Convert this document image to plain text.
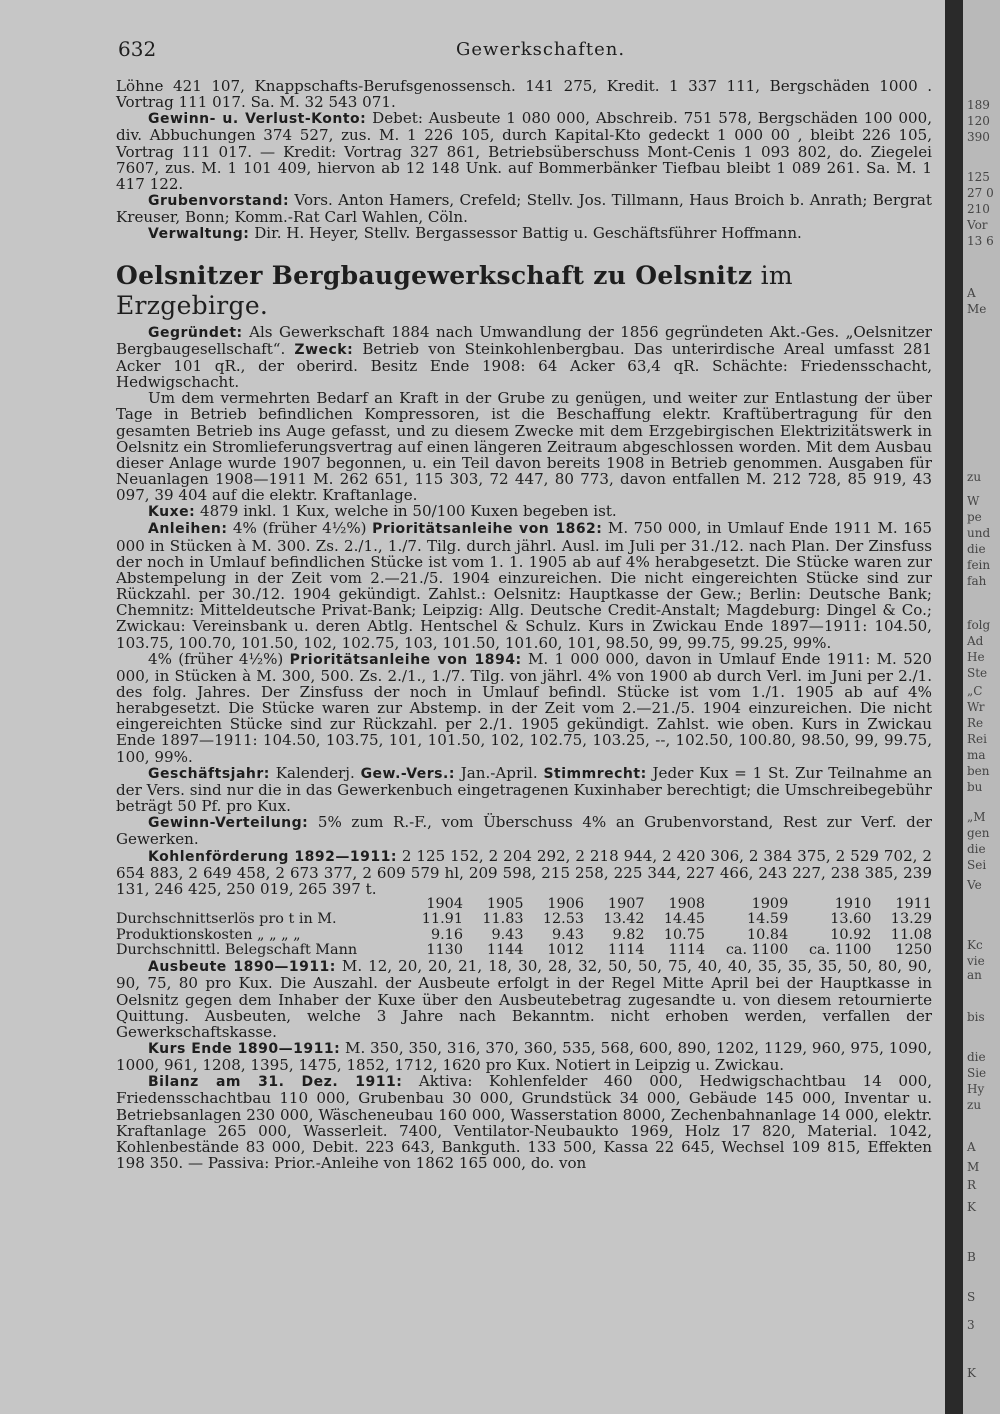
632	Gewerkschaften.

Löhne 421 107, Knappschafts-Berufsgenossensch. 141 275, Kredit. 1 337 111, Bergschäden 1000 . Vortrag 111 017. Sa. M. 32 543 071.

Gewinn- u. Verlust-Konto: Debet: Ausbeute 1 080 000, Abschreib. 751 578, Bergschäden 100 000, div. Abbuchungen 374 527, zus. M. 1 226 105, durch Kapital-Kto gedeckt 1 000 00 , bleibt 226 105, Vortrag 111 017. — Kredit: Vortrag 327 861, Betriebsüberschuss Mont-Cenis 1 093 802, do. Ziegelei 7607, zus. M. 1 101 409, hiervon ab 12 148 Unk. auf Bommerbänker Tiefbau bleibt 1 089 261. Sa. M. 1 417 122.

Grubenvorstand: Vors. Anton Hamers, Crefeld; Stellv. Jos. Tillmann, Haus Broich b. Anrath; Bergrat Kreuser, Bonn; Komm.-Rat Carl Wahlen, Cöln.

Verwaltung: Dir. H. Heyer, Stellv. Bergassessor Battig u. Geschäftsführer Hoffmann.

Oelsnitzer Bergbaugewerkschaft zu Oelsnitz im Erzgebirge.

Gegründet: Als Gewerkschaft 1884 nach Umwandlung der 1856 gegründeten Akt.-Ges. „Oelsnitzer Bergbaugesellschaft“. Zweck: Betrieb von Steinkohlenbergbau. Das unterirdische Areal umfasst 281 Acker 101 qR., der oberird. Besitz Ende 1908: 64 Acker 63,4 qR. Schächte: Friedensschacht, Hedwigschacht.

Um dem vermehrten Bedarf an Kraft in der Grube zu genügen, und weiter zur Entlastung der über Tage in Betrieb befindlichen Kompressoren, ist die Beschaffung elektr. Kraftübertragung für den gesamten Betrieb ins Auge gefasst, und zu diesem Zwecke mit dem Erzgebirgischen Elektrizitätswerk in Oelsnitz ein Stromlieferungsvertrag auf einen längeren Zeitraum abgeschlossen worden. Mit dem Ausbau dieser Anlage wurde 1907 begonnen, u. ein Teil davon bereits 1908 in Betrieb genommen. Ausgaben für Neuanlagen 1908—1911 M. 262 651, 115 303, 72 447, 80 773, davon entfallen M. 212 728, 85 919, 43 097, 39 404 auf die elektr. Kraftanlage.

Kuxe: 4879 inkl. 1 Kux, welche in 50/100 Kuxen begeben ist.

Anleihen: 4% (früher 4½%) Prioritätsanleihe von 1862: M. 750 000, in Umlauf Ende 1911 M. 165 000 in Stücken à M. 300. Zs. 2./1., 1./7. Tilg. durch jährl. Ausl. im Juli per 31./12. nach Plan. Der Zinsfuss der noch in Umlauf befindlichen Stücke ist vom 1. 1. 1905 ab auf 4% herabgesetzt. Die Stücke waren zur Abstempelung in der Zeit vom 2.—21./5. 1904 einzureichen. Die nicht eingereichten Stücke sind zur Rückzahl. per 30./12. 1904 gekündigt. Zahlst.: Oelsnitz: Hauptkasse der Gew.; Berlin: Deutsche Bank; Chemnitz: Mitteldeutsche Privat-Bank; Leipzig: Allg. Deutsche Credit-Anstalt; Magdeburg: Dingel & Co.; Zwickau: Vereinsbank u. deren Abtlg. Hentschel & Schulz. Kurs in Zwickau Ende 1897—1911: 104.50, 103.75, 100.70, 101.50, 102, 102.75, 103, 101.50, 101.60, 101, 98.50, 99, 99.75, 99.25, 99%.

4% (früher 4½%) Prioritätsanleihe von 1894: M. 1 000 000, davon in Umlauf Ende 1911: M. 520 000, in Stücken à M. 300, 500. Zs. 2./1., 1./7. Tilg. von jährl. 4% von 1900 ab durch Verl. im Juni per 2./1. des folg. Jahres. Der Zinsfuss der noch in Umlauf befindl. Stücke ist vom 1./1. 1905 ab auf 4% herabgesetzt. Die Stücke waren zur Abstemp. in der Zeit vom 2.—21./5. 1904 einzureichen. Die nicht eingereichten Stücke sind zur Rückzahl. per 2./1. 1905 gekündigt. Zahlst. wie oben. Kurs in Zwickau Ende 1897—1911: 104.50, 103.75, 101, 101.50, 102, 102.75, 103.25, --, 102.50, 100.80, 98.50, 99, 99.75, 100, 99%.

Geschäftsjahr: Kalenderj. Gew.-Vers.: Jan.-April. Stimmrecht: Jeder Kux = 1 St. Zur Teilnahme an der Vers. sind nur die in das Gewerkenbuch eingetragenen Kuxinhaber berechtigt; die Umschreibegebühr beträgt 50 Pf. pro Kux.

Gewinn-Verteilung: 5% zum R.-F., vom Überschuss 4% an Grubenvorstand, Rest zur Verf. der Gewerken.

Kohlenförderung 1892—1911: 2 125 152, 2 204 292, 2 218 944, 2 420 306, 2 384 375, 2 529 702, 2 654 883, 2 649 458, 2 673 377, 2 609 579 hl, 209 598, 215 258, 225 344, 227 466, 243 227, 238 385, 239 131, 246 425, 250 019, 265 397 t.

	1904	1905	1906	1907	1908	1909	1910	1911
Durchschnittserlös pro t in M.	11.91	11.83	12.53	13.42	14.45	14.59	13.60	13.29
Produktionskosten „ „ „ „	9.16	9.43	9.43	9.82	10.75	10.84	10.92	11.08
Durchschnittl. Belegschaft Mann	1130	1144	1012	1114	1114	ca. 1100	ca. 1100	1250

Ausbeute 1890—1911: M. 12, 20, 20, 21, 18, 30, 28, 32, 50, 50, 75, 40, 40, 35, 35, 35, 50, 80, 90, 90, 75, 80 pro Kux. Die Auszahl. der Ausbeute erfolgt in der Regel Mitte April bei der Hauptkasse in Oelsnitz gegen dem Inhaber der Kuxe über den Ausbeutebetrag zugesandte u. von diesem retournierte Quittung. Ausbeuten, welche 3 Jahre nach Bekanntm. nicht erhoben werden, verfallen der Gewerkschaftskasse.

Kurs Ende 1890—1911: M. 350, 350, 316, 370, 360, 535, 568, 600, 890, 1202, 1129, 960, 975, 1090, 1000, 961, 1208, 1395, 1475, 1852, 1712, 1620 pro Kux. Notiert in Leipzig u. Zwickau.

Bilanz am 31. Dez. 1911: Aktiva: Kohlenfelder 460 000, Hedwigschachtbau 14 000, Friedensschachtbau 110 000, Grubenbau 30 000, Grundstück 34 000, Gebäude 145 000, Inventar u. Betriebsanlagen 230 000, Wäscheneubau 160 000, Wasserstation 8000, Zechenbahnanlage 14 000, elektr. Kraftanlage 265 000, Wasserleit. 7400, Ventilator-Neubaukto 1969, Holz 17 820, Material. 1042, Kohlenbestände 83 000, Debit. 223 643, Bankguth. 133 500, Kassa 22 645, Wechsel 109 815, Effekten 198 350. — Passiva: Prior.-Anleihe von 1862 165 000, do. von

189
120
390
125
27 0
210
Vor
13 6
A
Me
zu
W
pe
und
die
fein
fah
folg
Ad
He
Ste
„C
Wr
Re
Rei
ma
ben
bu
„M
gen
die
Sei
Ve
Kc
vie
an
bis
die
Sie
Hy
zu
A
M
R
K
B
S
3
K
